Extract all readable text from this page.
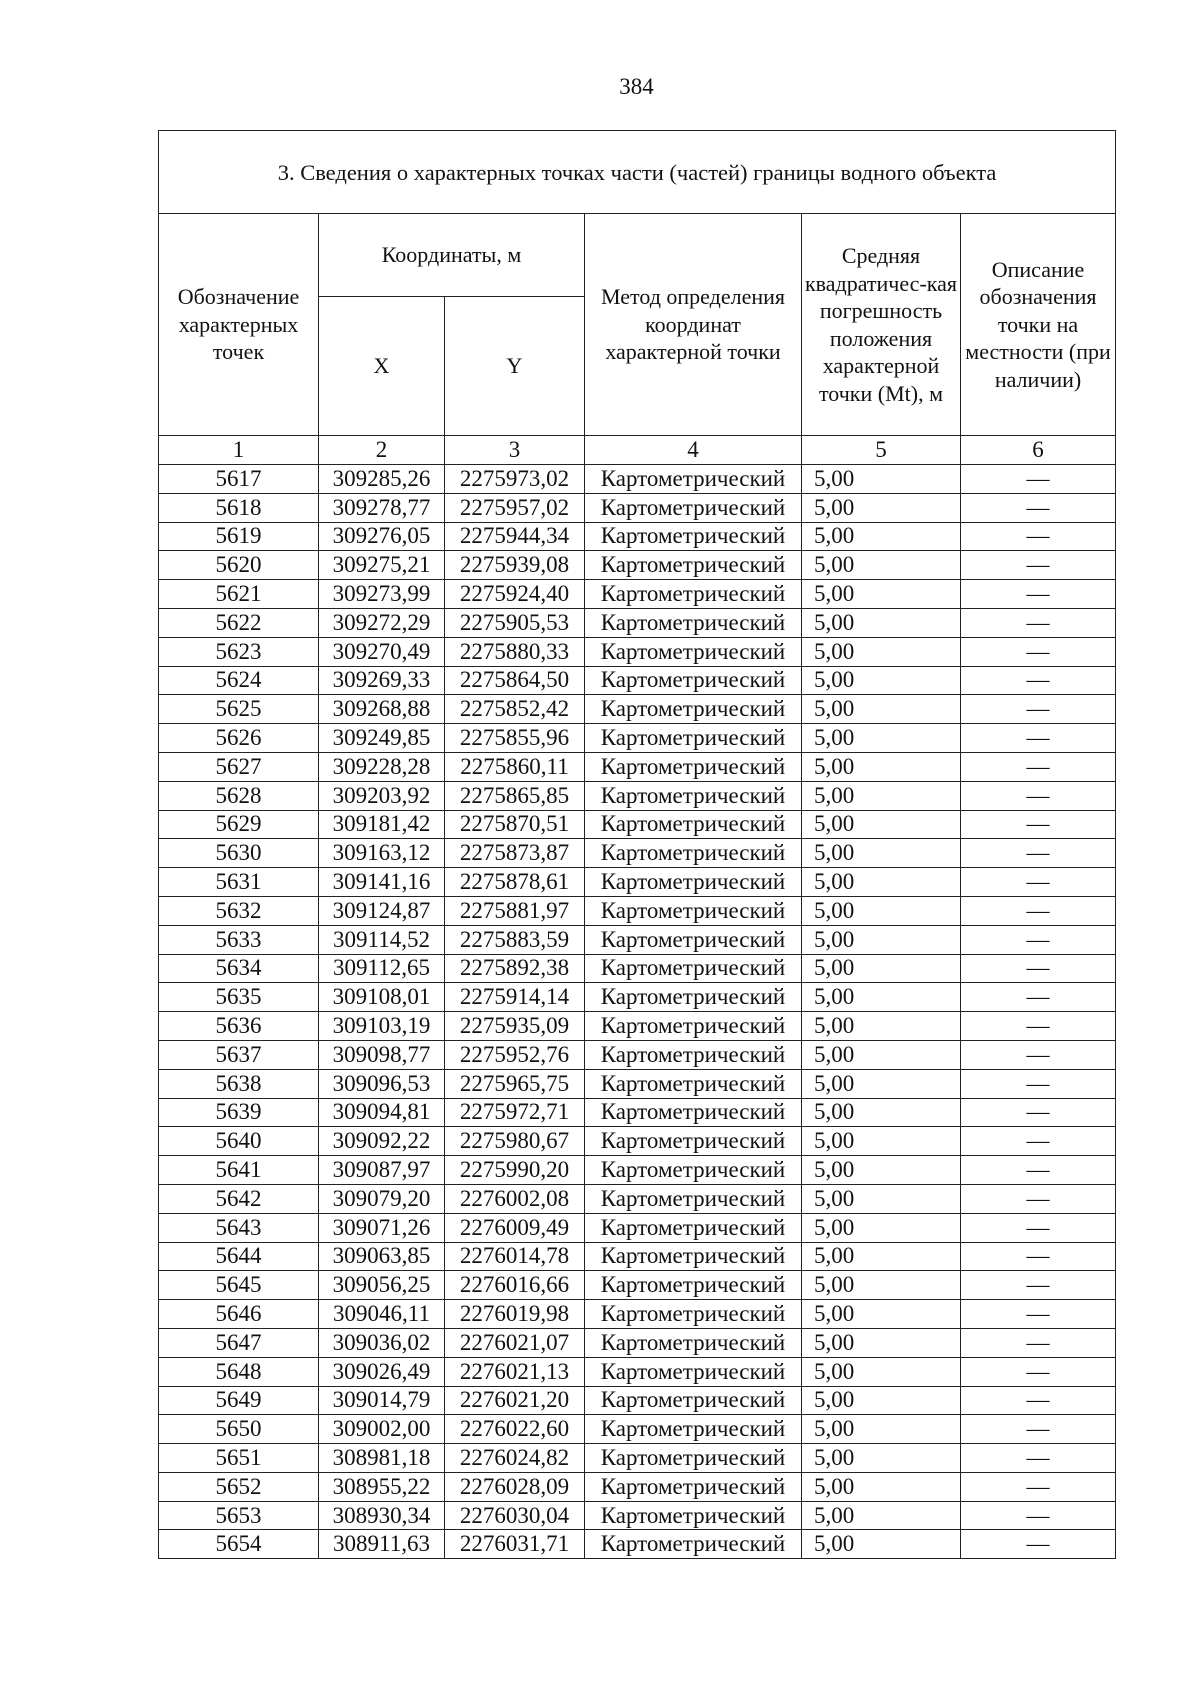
384
3. Сведения о характерных точках части (частей) границы водного объекта					
Обозначение характерных точек	Координаты, м		Метод определения координат характерной точки	Средняя квадратичес-кая погрешность положения характерной точки (Mt), м	Описание обозначения точки на местности (при наличии)
	X	Y			
1	2	3	4	5	6
5617	309285,26	2275973,02	Картометрический	5,00	—
5618	309278,77	2275957,02	Картометрический	5,00	—
5619	309276,05	2275944,34	Картометрический	5,00	—
5620	309275,21	2275939,08	Картометрический	5,00	—
5621	309273,99	2275924,40	Картометрический	5,00	—
5622	309272,29	2275905,53	Картометрический	5,00	—
5623	309270,49	2275880,33	Картометрический	5,00	—
5624	309269,33	2275864,50	Картометрический	5,00	—
5625	309268,88	2275852,42	Картометрический	5,00	—
5626	309249,85	2275855,96	Картометрический	5,00	—
5627	309228,28	2275860,11	Картометрический	5,00	—
5628	309203,92	2275865,85	Картометрический	5,00	—
5629	309181,42	2275870,51	Картометрический	5,00	—
5630	309163,12	2275873,87	Картометрический	5,00	—
5631	309141,16	2275878,61	Картометрический	5,00	—
5632	309124,87	2275881,97	Картометрический	5,00	—
5633	309114,52	2275883,59	Картометрический	5,00	—
5634	309112,65	2275892,38	Картометрический	5,00	—
5635	309108,01	2275914,14	Картометрический	5,00	—
5636	309103,19	2275935,09	Картометрический	5,00	—
5637	309098,77	2275952,76	Картометрический	5,00	—
5638	309096,53	2275965,75	Картометрический	5,00	—
5639	309094,81	2275972,71	Картометрический	5,00	—
5640	309092,22	2275980,67	Картометрический	5,00	—
5641	309087,97	2275990,20	Картометрический	5,00	—
5642	309079,20	2276002,08	Картометрический	5,00	—
5643	309071,26	2276009,49	Картометрический	5,00	—
5644	309063,85	2276014,78	Картометрический	5,00	—
5645	309056,25	2276016,66	Картометрический	5,00	—
5646	309046,11	2276019,98	Картометрический	5,00	—
5647	309036,02	2276021,07	Картометрический	5,00	—
5648	309026,49	2276021,13	Картометрический	5,00	—
5649	309014,79	2276021,20	Картометрический	5,00	—
5650	309002,00	2276022,60	Картометрический	5,00	—
5651	308981,18	2276024,82	Картометрический	5,00	—
5652	308955,22	2276028,09	Картометрический	5,00	—
5653	308930,34	2276030,04	Картометрический	5,00	—
5654	308911,63	2276031,71	Картометрический	5,00	—
